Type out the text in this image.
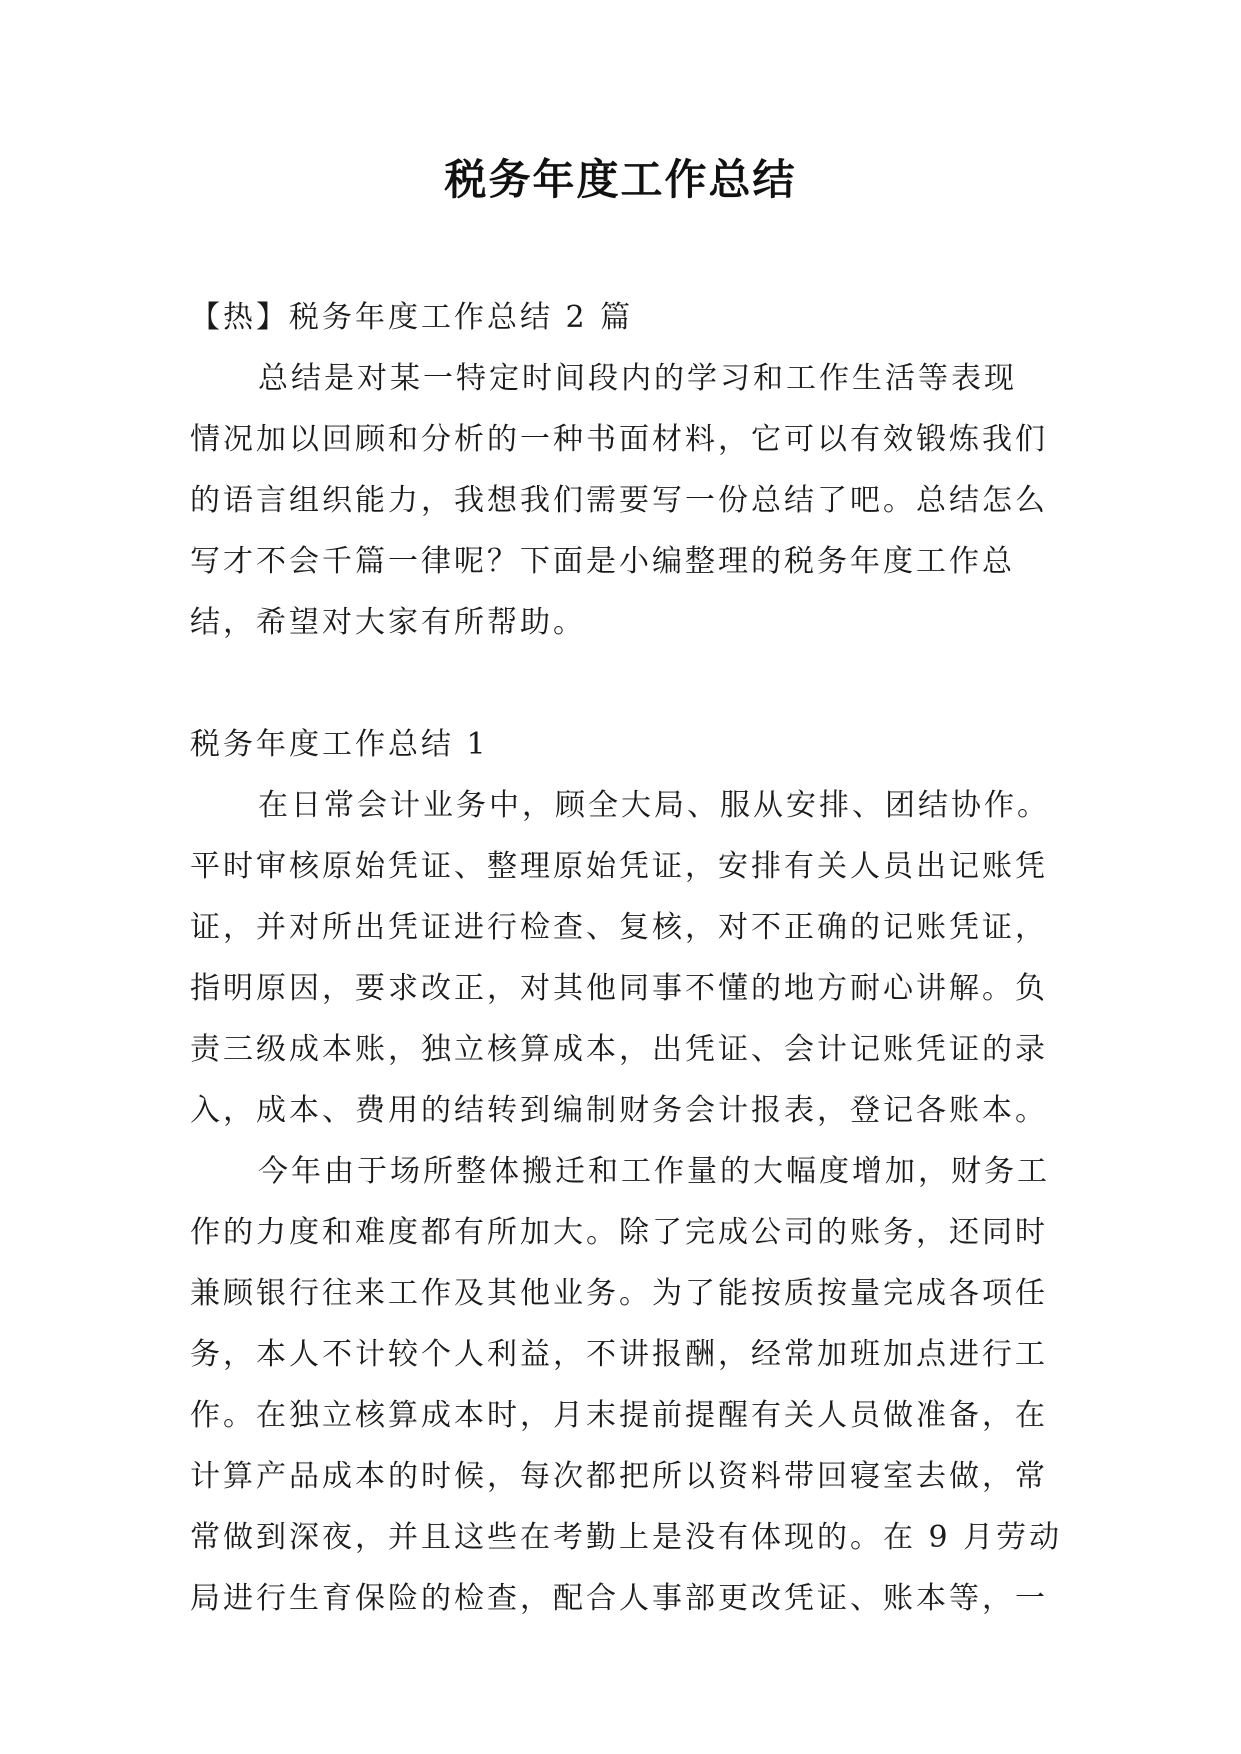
税务年度工作总结
【热】税务年度工作总结 2 篇
总结是对某一特定时间段内的学习和工作生活等表现
情况加以回顾和分析的一种书面材料，它可以有效锻炼我们
的语言组织能力，我想我们需要写一份总结了吧。总结怎么
写才不会千篇一律呢？下面是小编整理的税务年度工作总
结，希望对大家有所帮助。
税务年度工作总结 1
在日常会计业务中，顾全大局、服从安排、团结协作。
平时审核原始凭证、整理原始凭证，安排有关人员出记账凭
证，并对所出凭证进行检查、复核，对不正确的记账凭证，
指明原因，要求改正，对其他同事不懂的地方耐心讲解。负
责三级成本账，独立核算成本，出凭证、会计记账凭证的录
入，成本、费用的结转到编制财务会计报表，登记各账本。
今年由于场所整体搬迁和工作量的大幅度增加，财务工
作的力度和难度都有所加大。除了完成公司的账务，还同时
兼顾银行往来工作及其他业务。为了能按质按量完成各项任
务，本人不计较个人利益，不讲报酬，经常加班加点进行工
作。在独立核算成本时，月末提前提醒有关人员做准备，在
计算产品成本的时候，每次都把所以资料带回寝室去做，常
常做到深夜，并且这些在考勤上是没有体现的。在 9 月劳动
局进行生育保险的检查，配合人事部更改凭证、账本等，一
